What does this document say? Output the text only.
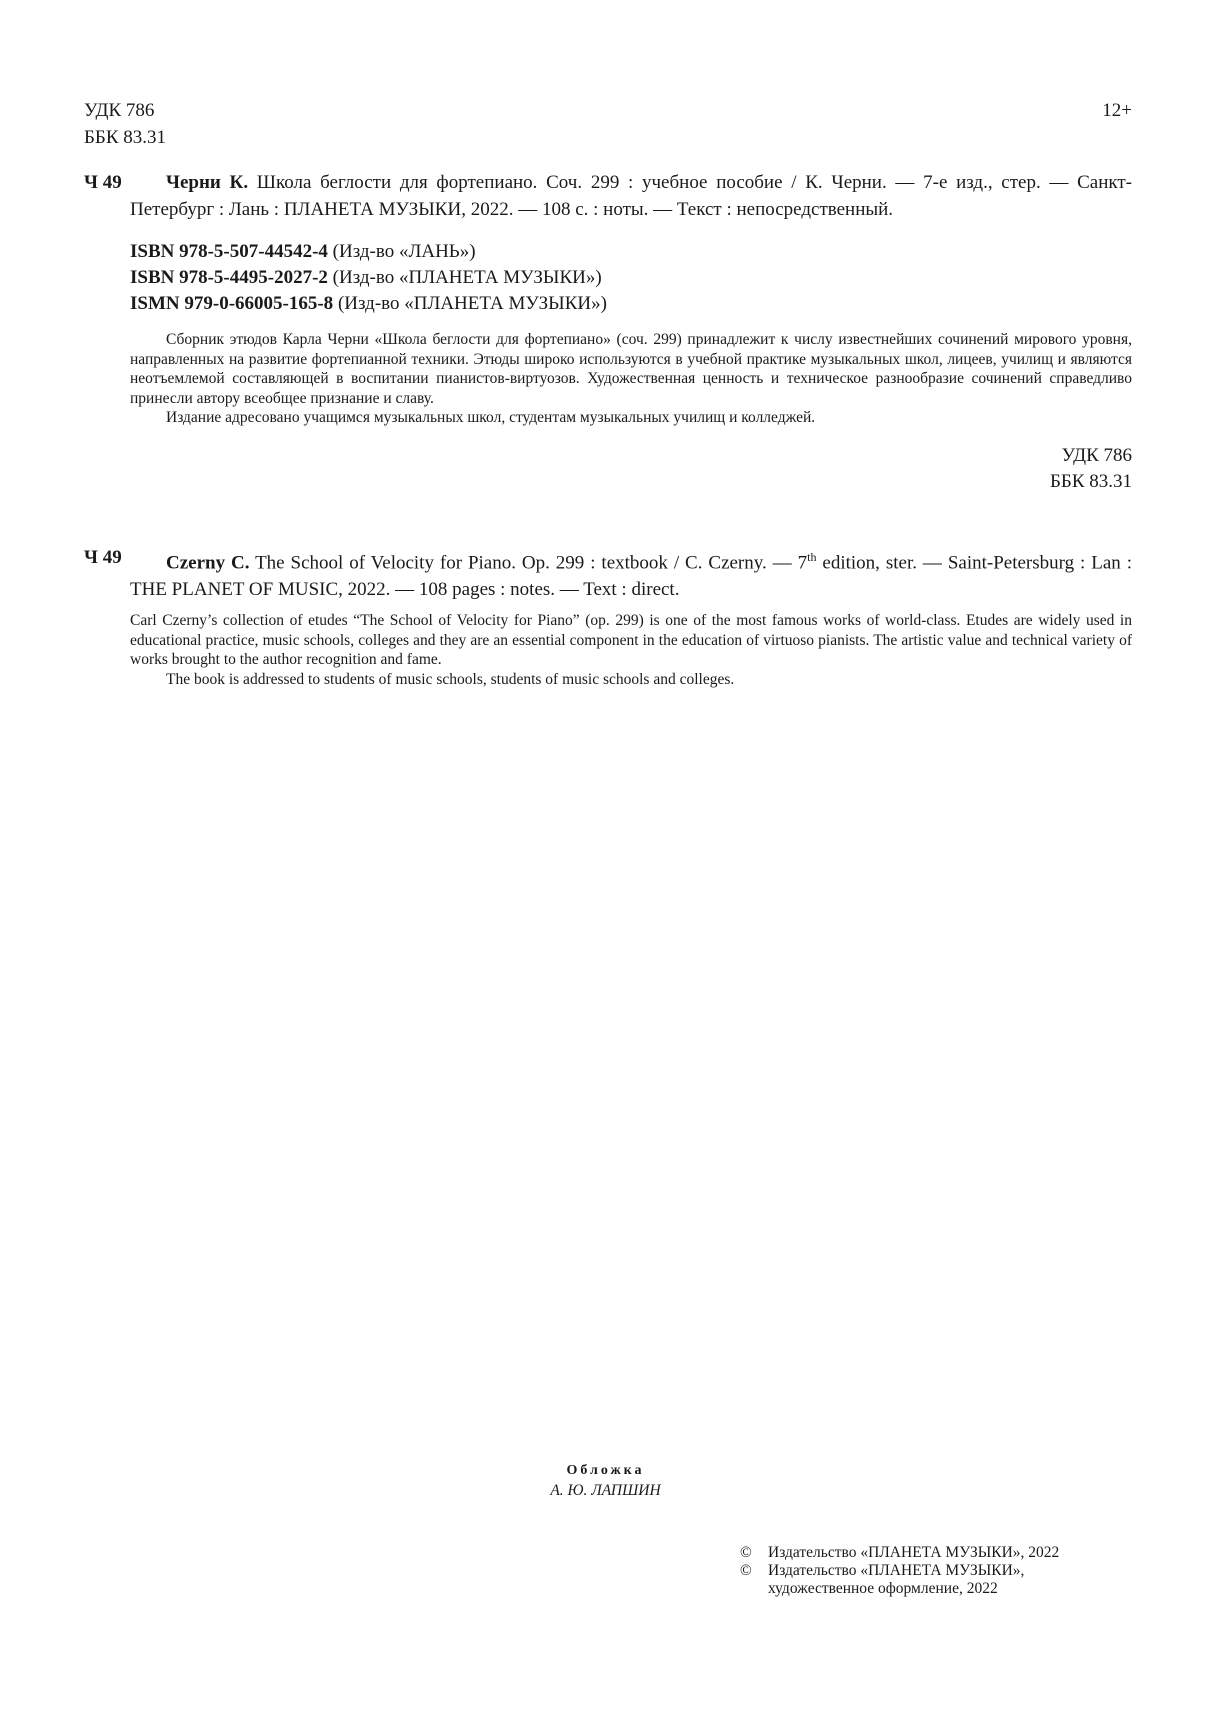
УДК 786
ББК 83.31
12+
Ч 49	Черни К. Школа беглости для фортепиано. Соч. 299 : учебное пособие / К. Черни. — 7-е изд., стер. — Санкт-Петербург : Лань : ПЛАНЕТА МУЗЫКИ, 2022. — 108 с. : ноты. — Текст : непосредственный.
ISBN 978-5-507-44542-4 (Изд-во «ЛАНЬ»)
ISBN 978-5-4495-2027-2 (Изд-во «ПЛАНЕТА МУЗЫКИ»)
ISMN 979-0-66005-165-8 (Изд-во «ПЛАНЕТА МУЗЫКИ»)

Сборник этюдов Карла Черни «Школа беглости для фортепиано» (соч. 299) принадлежит к числу известнейших сочинений мирового уровня, направленных на развитие фортепианной техники. Этюды широко используются в учебной практике музыкальных школ, лицеев, училищ и являются неотъемлемой составляющей в воспитании пианистов-виртуозов. Художественная ценность и техническое разнообразие сочинений справедливо принесли автору всеобщее признание и славу.

Издание адресовано учащимся музыкальных школ, студентам музыкальных училищ и колледжей.

УДК 786
ББК 83.31
Ч 49	Czerny C. The School of Velocity for Piano. Op. 299 : textbook / C. Czerny. — 7th edition, ster. — Saint-Petersburg : Lan : THE PLANET OF MUSIC, 2022. — 108 pages : notes. — Text : direct.

Carl Czerny’s collection of etudes “The School of Velocity for Piano” (op. 299) is one of the most famous works of world-class. Etudes are widely used in educational practice, music schools, colleges and they are an essential component in the education of virtuoso pianists. The artistic value and technical variety of works brought to the author recognition and fame.

The book is addressed to students of music schools, students of music schools and colleges.

Обложка
А. Ю. ЛАПШИН
© Издательство «ПЛАНЕТА МУЗЫКИ», 2022
© Издательство «ПЛАНЕТА МУЗЫКИ»,
художественное оформление, 2022
